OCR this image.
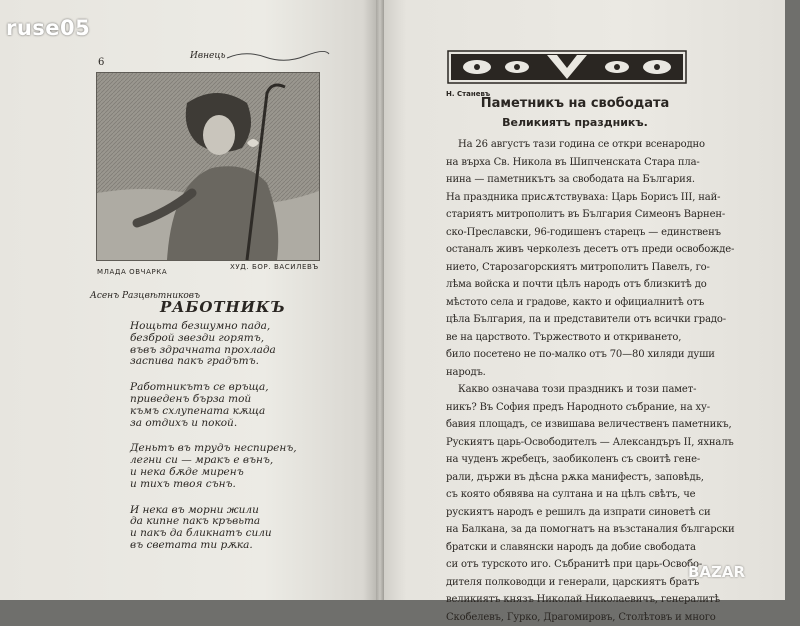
ruse05
6
Ивнець
МЛАДА ОВЧАРКА
ХУД. БОР. ВАСИЛЕВЪ
Асенъ Разцвѣтниковъ
РАБОТНИКЪ
Нощьта безшумно пада,
безброй звезди горятъ,
въвъ здрачната прохлада
заспива пакъ градътъ.
Работникътъ се връща,
приведенъ бърза той
къмъ схлупената кѫща
за отдихъ и покой.
Деньтъ въ трудъ неспиренъ,
легни си — мракъ е вънъ,
и нека бѫде миренъ
и тихъ твоя сънъ.
И нека въ морни жили
да кипне пакъ кръвьта
и пакъ да бликнатъ сили
въ светата ти рѫка.
Н. Станевъ
Паметникъ на свободата
Великиятъ праздникъ.
На 26 августъ тази година се откри всенародно
на върха Св. Никола въ Шипченската Стара пла-
нина — паметникътъ за свободата на България.
На праздника присѫтствуваха: Царь Борисъ III, най-
стариятъ митрополитъ въ България Симеонъ Варнен-
ско-Преславски, 96-годишенъ старецъ — единственъ
останалъ живъ черколезъ десетъ отъ преди освобожде-
нието, Старозагорскиятъ митрополитъ Павелъ, го-
лѣма войска и почти цѣлъ народъ отъ близкитѣ до
мѣстото села и градове, както и официалнитѣ отъ
цѣла България, па и представители отъ всички градо-
ве на царството. Тържеството и откриването,
било посетено не по-малко отъ 70—80 хиляди души
народъ.
Какво означава този праздникъ и този памет-
никъ? Въ София предъ Народното събрание, на ху-
бавия площадъ, се извишава величественъ паметникъ,
Рускиятъ царь-Освободителъ — Александъръ II, яхналъ
на чуденъ жребецъ, заобиколенъ съ своитѣ гене-
рали, държи въ дѣсна рѫка манифестъ, заповѣдь,
съ която обявява на султана и на цѣлъ свѣтъ, че
рускиятъ народъ е решилъ да изпрати синоветѣ си
на Балкана, за да помогнатъ на възстаналия български
братски и славянски народъ да добие свободата
си отъ турското иго. Събранитѣ при царь-Освобо-
дителя полководци и генерали, царскиятъ братъ
великиятъ князъ Николай Николаевичъ, генералитѣ
Скобелевъ, Гурко, Драгомировъ, Столѣтовъ и много
BAZAR
